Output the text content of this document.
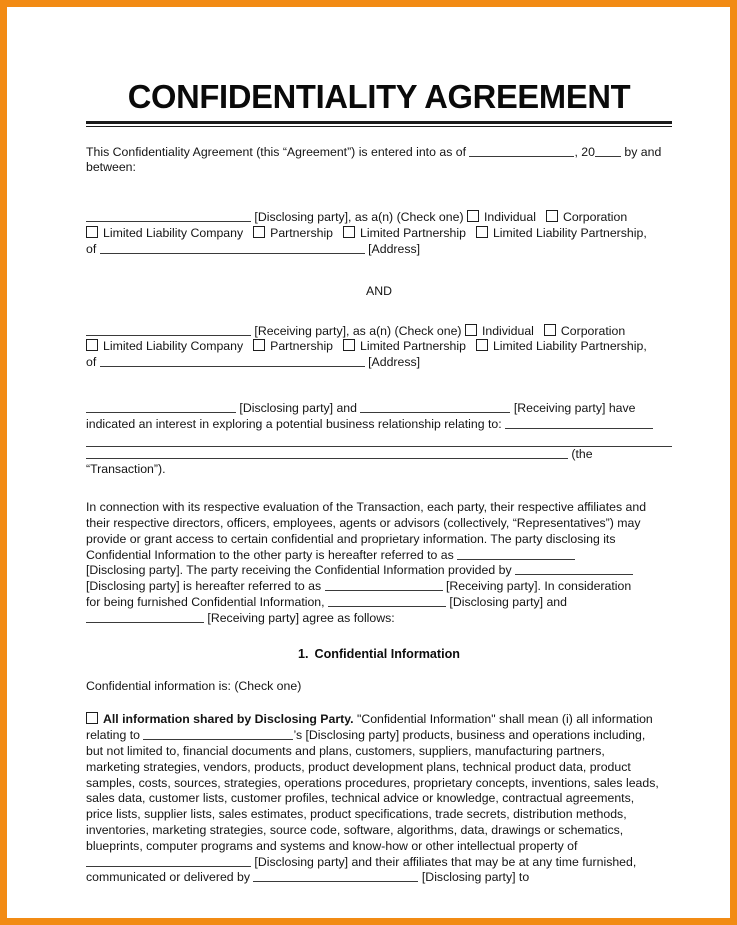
CONFIDENTIALITY AGREEMENT

This Confidentiality Agreement (this “Agreement”) is entered into as of	, 20 by and between:

[Disclosing party], as a(n) (Check one) Individual Corporation
Limited Liability Company Partnership Limited Partnership Limited Liability Partnership,
of	[Address]

AND

[Receiving party], as a(n) (Check one) Individual Corporation
Limited Liability Company Partnership Limited Partnership Limited Liability Partnership,
of	[Address]

[Disclosing party] and	[Receiving party] have
indicated an interest in exploring a potential business relationship relating to:

(the “Transaction”).

In connection with its respective evaluation of the Transaction, each party, their respective affiliates and
their respective directors, officers, employees, agents or advisors (collectively, “Representatives”) may
provide or grant access to certain confidential and proprietary information. The party disclosing its
Confidential Information to the other party is hereafter referred to as
[Disclosing party]. The party receiving the Confidential Information provided by
[Disclosing party] is hereafter referred to as	[Receiving party]. In consideration
for being furnished Confidential Information,	[Disclosing party] and
[Receiving party] agree as follows:

1. Confidential Information

Confidential information is: (Check one)

All information shared by Disclosing Party. "Confidential Information" shall mean (i) all information
relating to	’s [Disclosing party] products, business and operations including,
but not limited to, financial documents and plans, customers, suppliers, manufacturing partners,
marketing strategies, vendors, products, product development plans, technical product data, product
samples, costs, sources, strategies, operations procedures, proprietary concepts, inventions, sales leads,
sales data, customer lists, customer profiles, technical advice or knowledge, contractual agreements,
price lists, supplier lists, sales estimates, product specifications, trade secrets, distribution methods,
inventories, marketing strategies, source code, software, algorithms, data, drawings or schematics,
blueprints, computer programs and systems and know-how or other intellectual property of
[Disclosing party] and their affiliates that may be at any time furnished,
communicated or delivered by	[Disclosing party] to
